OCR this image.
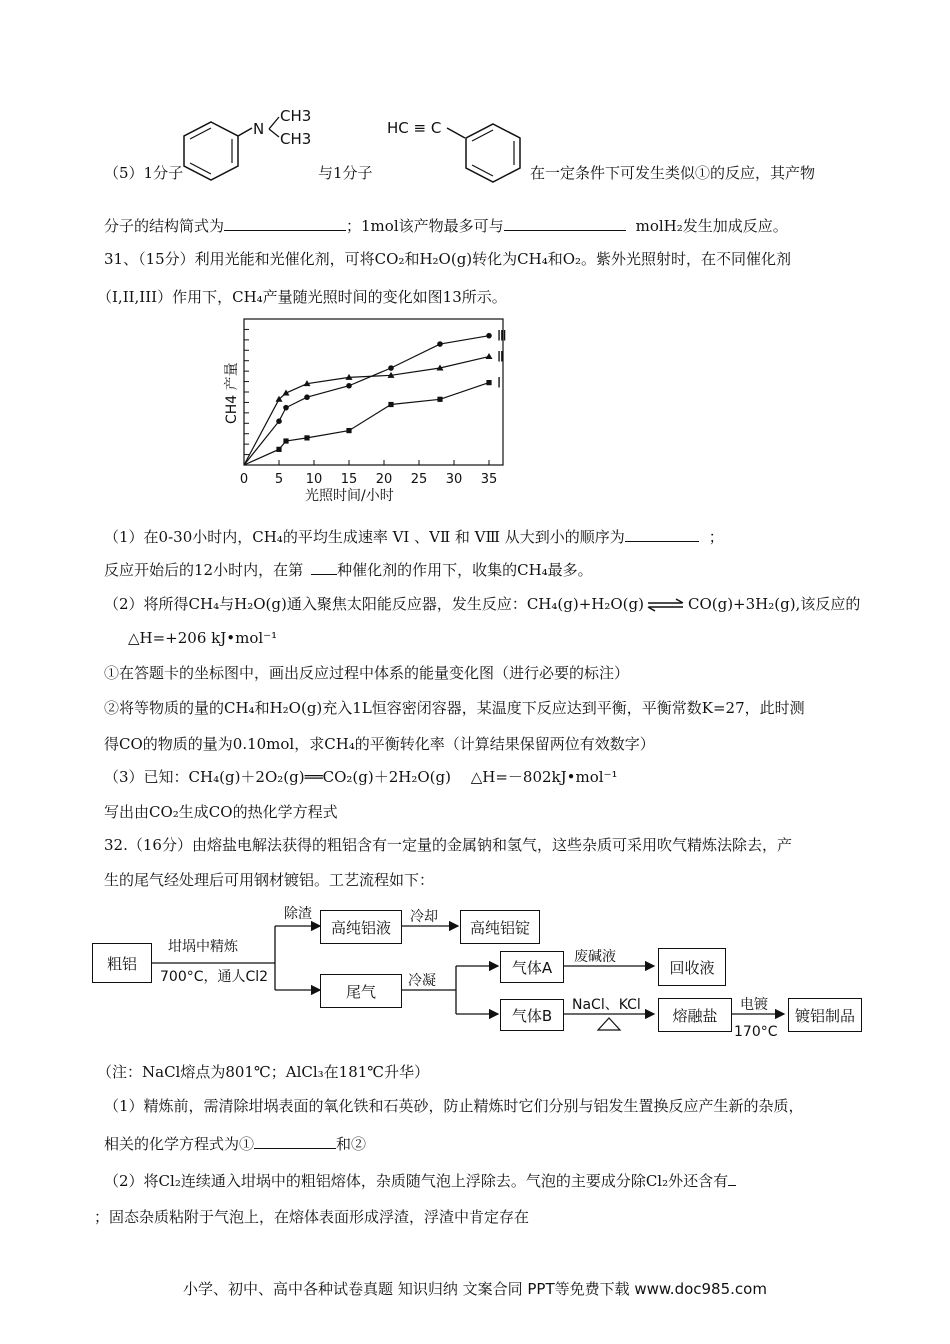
N
CH3
CH3
HC ≡ C
（5）1分子	与1分子	在一定条件下可发生类似①的反应，其产物
分子的结构简式为	；1mol该产物最多可与	molH₂发生加成反应。
31、（15分）利用光能和光催化剂，可将CO₂和H₂O(g)转化为CH₄和O₂。紫外光照射时，在不同催化剂
（I,II,III）作用下，CH₄产量随光照时间的变化如图13所示。
0 5 10 15 20 25 30 35
Ⅲ
Ⅱ
Ⅰ
CH4 产量
光照时间/小时
（1）在0-30小时内，CH₄的平均生成速率 VⅠ 、VⅡ 和 VⅢ 从大到小的顺序为	；
反应开始后的12小时内，在第 种催化剂的作用下，收集的CH₄最多。
（2）将所得CH₄与H₂O(g)通入聚焦太阳能反应器，发生反应：CH₄(g)+H₂O(g) ⇌ CO(g)+3H₂(g),该反应的
△H=+206 kJ•mol⁻¹
①在答题卡的坐标图中，画出反应过程中体系的能量变化图（进行必要的标注）
②将等物质的量的CH₄和H₂O(g)充入1L恒容密闭容器，某温度下反应达到平衡，平衡常数K=27，此时测
得CO的物质的量为0.10mol，求CH₄的平衡转化率（计算结果保留两位有效数字）
（3）已知：CH₄(g)＋2O₂(g)══CO₂(g)＋2H₂O(g)　 △H=－802kJ•mol⁻¹
写出由CO₂生成CO的热化学方程式
32.（16分）由熔盐电解法获得的粗铝含有一定量的金属钠和氢气，这些杂质可采用吹气精炼法除去，产
生的尾气经处理后可用钢材镀铝。工艺流程如下：
粗铝
坩埚中精炼
700°C，通人Cl2
除渣
高纯铝液
冷却
高纯铝锭
尾气
冷凝
气体A
废碱液
回收液
气体B
NaCl、KCl
熔融盐
电镀
170°C
镀铝制品
（注：NaCl熔点为801℃；AlCl₃在181℃升华）
（1）精炼前，需清除坩埚表面的氧化铁和石英砂，防止精炼时它们分别与铝发生置换反应产生新的杂质，
相关的化学方程式为①	和②
（2）将Cl₂连续通入坩埚中的粗铝熔体，杂质随气泡上浮除去。气泡的主要成分除Cl₂外还含有
；固态杂质粘附于气泡上，在熔体表面形成浮渣，浮渣中肯定存在
小学、初中、高中各种试卷真题 知识归纳 文案合同 PPT等免费下载 www.doc985.com
